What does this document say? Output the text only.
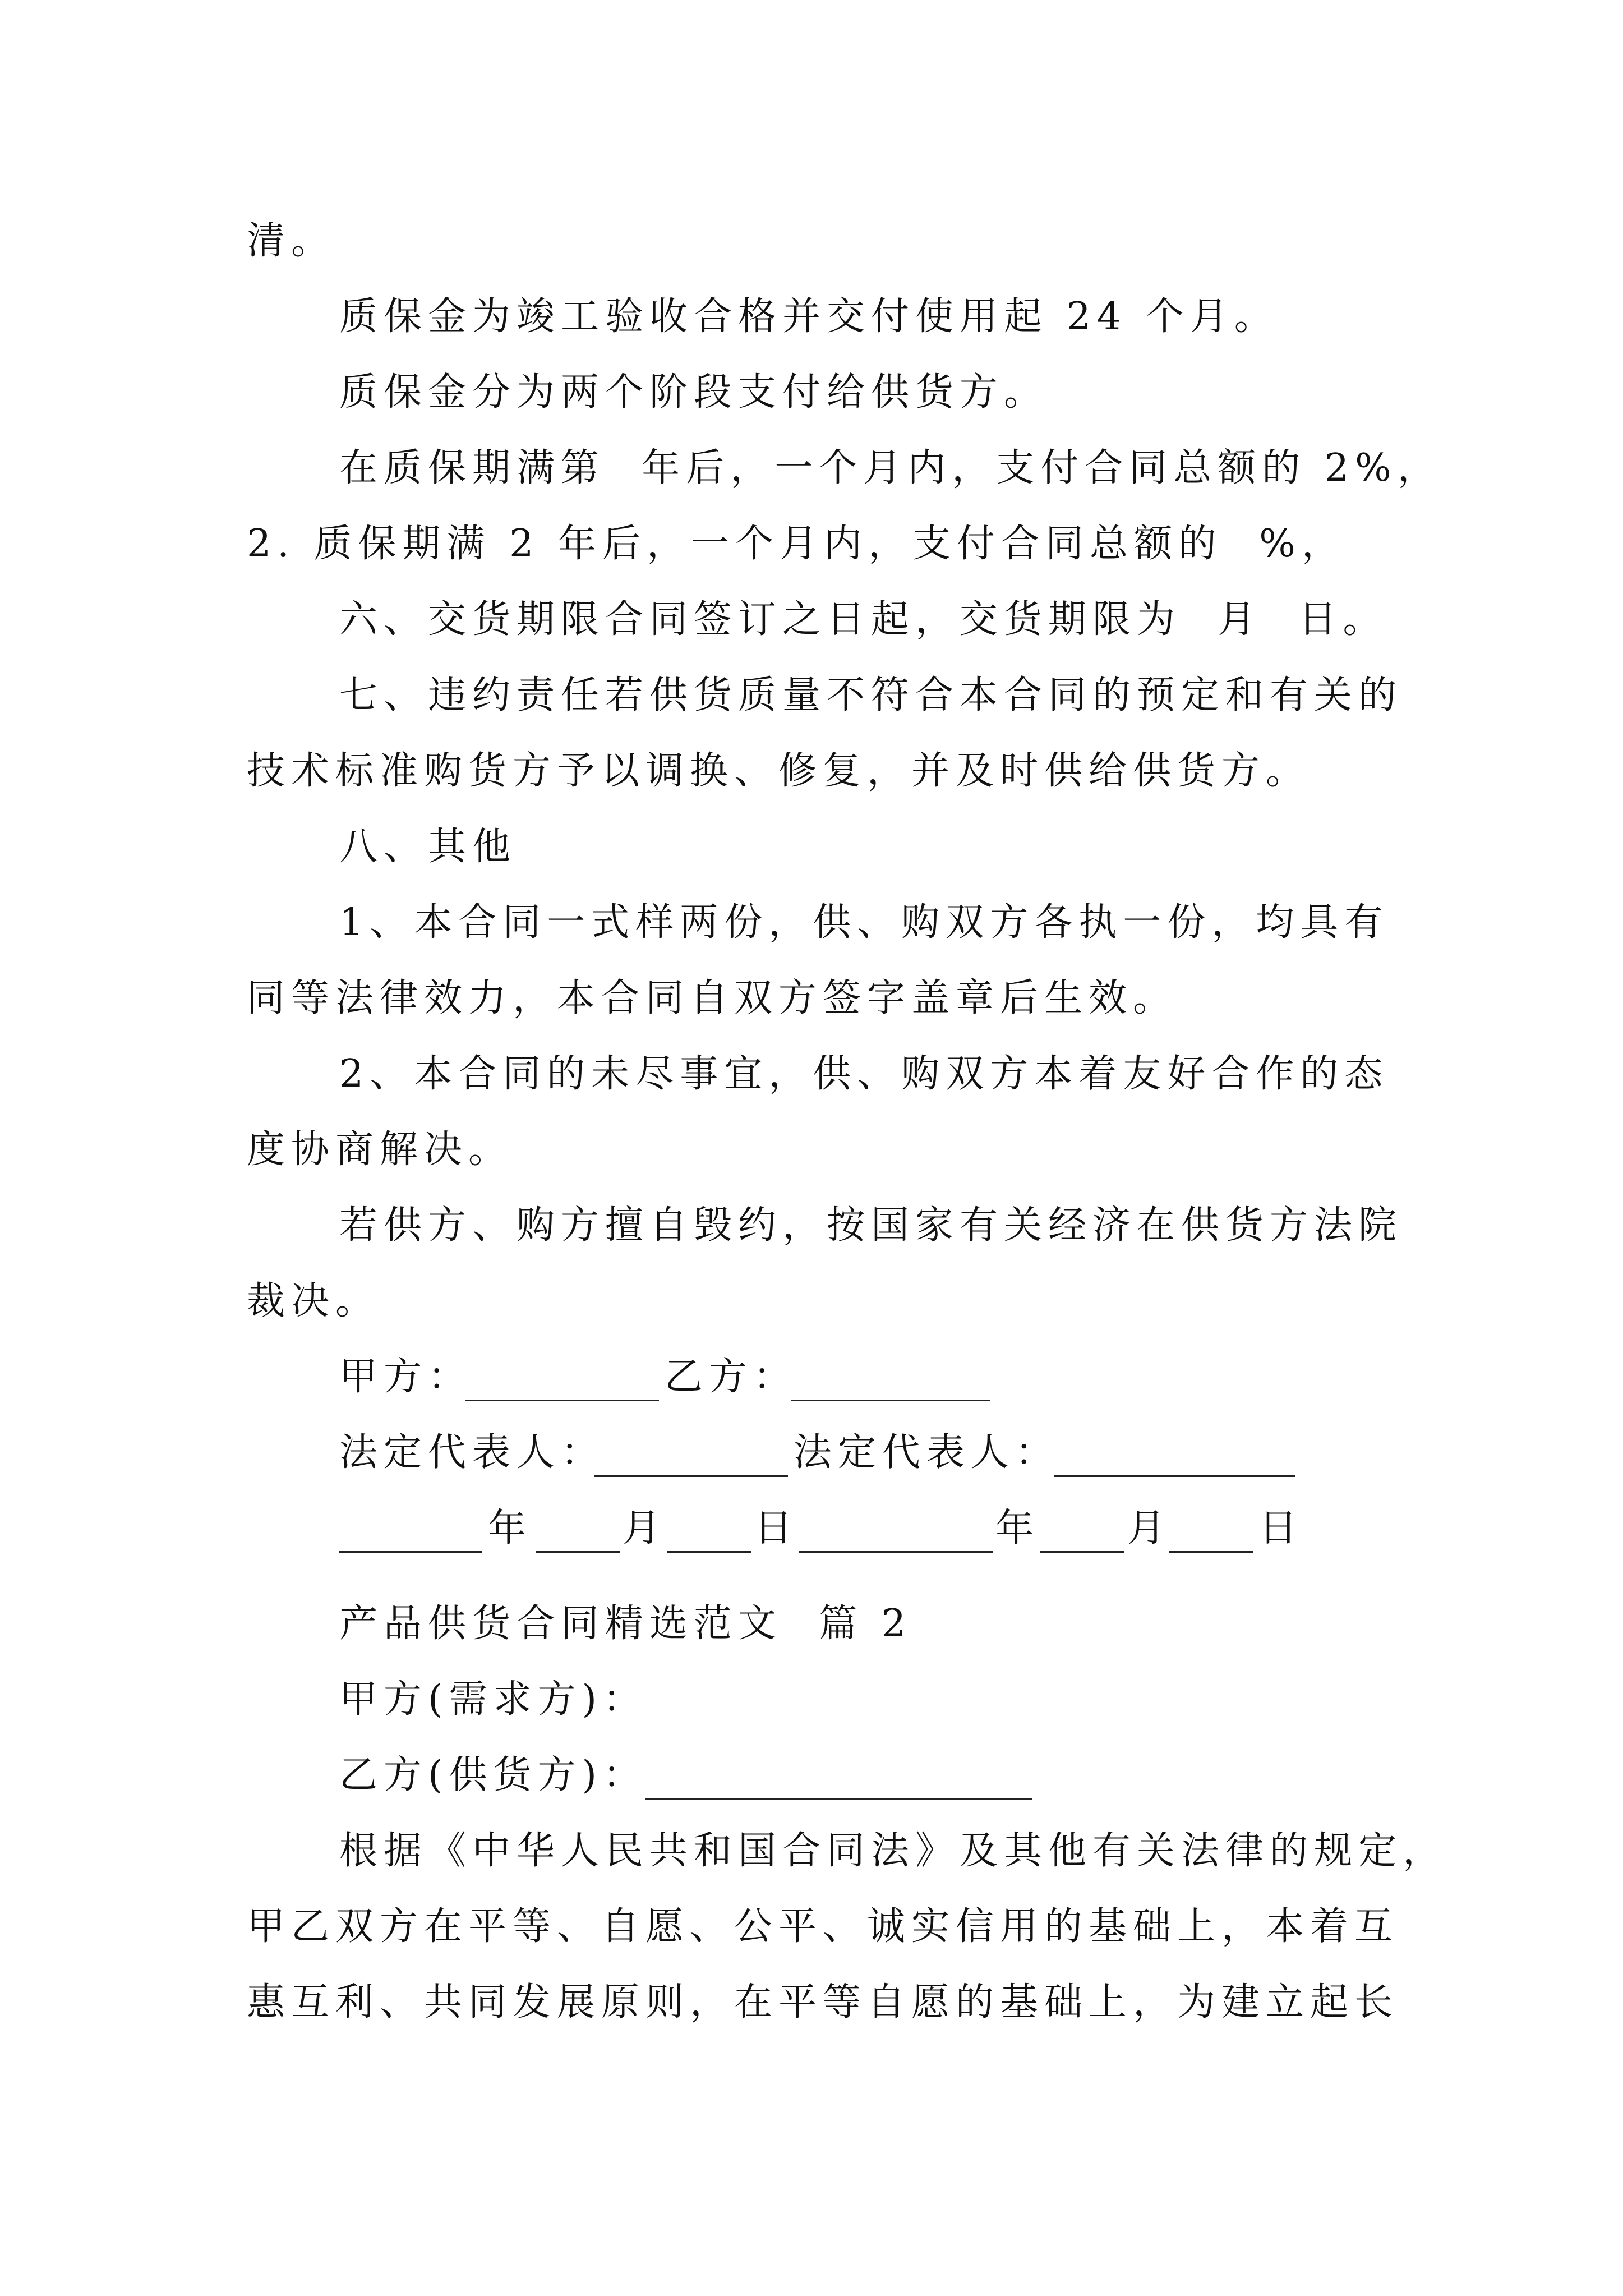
清。
质保金为竣工验收合格并交付使用起 24 个月。
质保金分为两个阶段支付给供货方。
在质保期满第  年后，一个月内，支付合同总额的 2%，
2. 质保期满 2 年后，一个月内，支付合同总额的  %，
六、交货期限合同签订之日起，交货期限为  月  日。
七、违约责任若供货质量不符合本合同的预定和有关的
技术标准购货方予以调换、修复，并及时供给供货方。
八、其他
1、本合同一式样两份，供、购双方各执一份，均具有
同等法律效力，本合同自双方签字盖章后生效。
2、本合同的未尽事宜，供、购双方本着友好合作的态
度协商解决。
若供方、购方擅自毁约，按国家有关经济在供货方法院
裁决。
甲方：	乙方：
法定代表人：	法定代表人：
年 月 日	年 月 日
产品供货合同精选范文  篇 2
甲方(需求方)：
乙方(供货方)：
根据《中华人民共和国合同法》及其他有关法律的规定，
甲乙双方在平等、自愿、公平、诚实信用的基础上，本着互
惠互利、共同发展原则，在平等自愿的基础上，为建立起长
